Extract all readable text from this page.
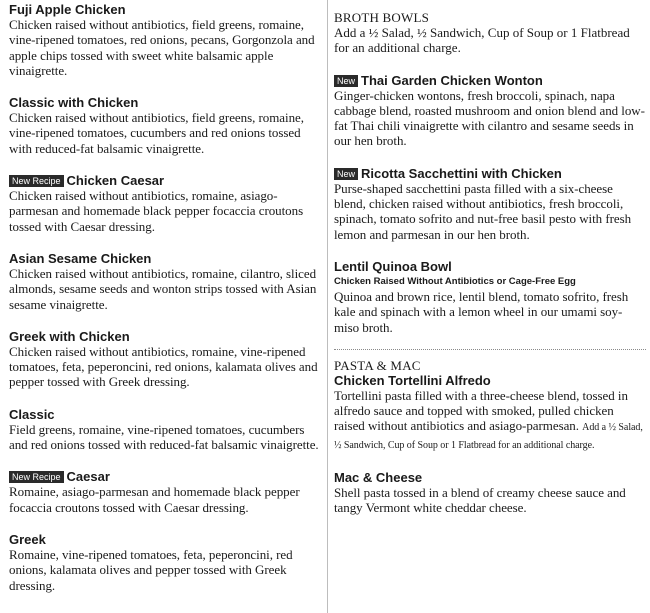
Fuji Apple Chicken

Chicken raised without antibiotics, field greens, romaine, vine-ripened tomatoes, red onions, pecans, Gorgonzola and apple chips tossed with sweet white balsamic apple vinaigrette.

Classic with Chicken

Chicken raised without antibiotics, field greens, romaine, vine-ripened tomatoes, cucumbers and red onions tossed with reduced-fat balsamic vinaigrette.

New Recipe Chicken Caesar

Chicken raised without antibiotics, romaine, asiago-parmesan and homemade black pepper focaccia croutons tossed with Caesar dressing.

Asian Sesame Chicken

Chicken raised without antibiotics, romaine, cilantro, sliced almonds, sesame seeds and wonton strips tossed with Asian sesame vinaigrette.

Greek with Chicken

Chicken raised without antibiotics, romaine, vine-ripened tomatoes, feta, peperoncini, red onions, kalamata olives and pepper tossed with Greek dressing.

Classic

Field greens, romaine, vine-ripened tomatoes, cucumbers and red onions tossed with reduced-fat balsamic vinaigrette.

New Recipe Caesar

Romaine, asiago-parmesan and homemade black pepper focaccia croutons tossed with Caesar dressing.

Greek

Romaine, vine-ripened tomatoes, feta, peperoncini, red onions, kalamata olives and pepper tossed with Greek dressing.

BROTH BOWLS

Add a ½ Salad, ½ Sandwich, Cup of Soup or 1 Flatbread for an additional charge.

New Thai Garden Chicken Wonton

Ginger-chicken wontons, fresh broccoli, spinach, napa cabbage blend, roasted mushroom and onion blend and low-fat Thai chili vinaigrette with cilantro and sesame seeds in our hen broth.

New Ricotta Sacchettini with Chicken

Purse-shaped sacchettini pasta filled with a six-cheese blend, chicken raised without antibiotics, fresh broccoli, spinach, tomato sofrito and nut-free basil pesto with fresh lemon and parmesan in our hen broth.

Lentil Quinoa Bowl

Chicken Raised Without Antibiotics or Cage-Free Egg

Quinoa and brown rice, lentil blend, tomato sofrito, fresh kale and spinach with a lemon wheel in our umami soy-miso broth.

PASTA & MAC

Chicken Tortellini Alfredo

Tortellini pasta filled with a three-cheese blend, tossed in alfredo sauce and topped with smoked, pulled chicken raised without antibiotics and asiago-parmesan. Add a ½ Salad, ½ Sandwich, Cup of Soup or 1 Flatbread for an additional charge.

Mac & Cheese

Shell pasta tossed in a blend of creamy cheese sauce and tangy Vermont white cheddar cheese.
